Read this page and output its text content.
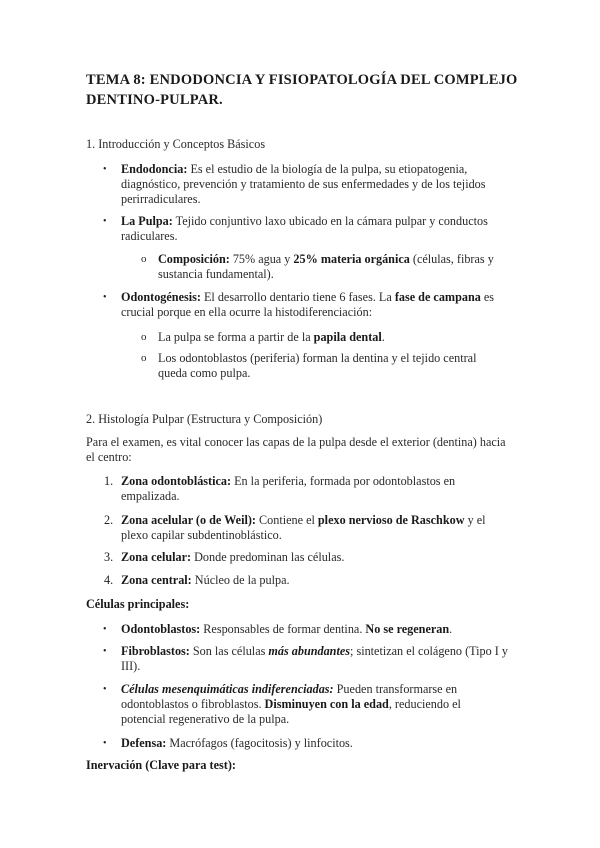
TEMA 8: ENDODONCIA Y FISIOPATOLOGÍA DEL COMPLEJO DENTINO-PULPAR.

1. Introducción y Conceptos Básicos

• Endodoncia: Es el estudio de la biología de la pulpa, su etiopatogenia, diagnóstico, prevención y tratamiento de sus enfermedades y de los tejidos perirradiculares.

• La Pulpa: Tejido conjuntivo laxo ubicado en la cámara pulpar y conductos radiculares.

o Composición: 75% agua y 25% materia orgánica (células, fibras y sustancia fundamental).

• Odontogénesis: El desarrollo dentario tiene 6 fases. La fase de campana es crucial porque en ella ocurre la histodiferenciación:

o La pulpa se forma a partir de la papila dental.

o Los odontoblastos (periferia) forman la dentina y el tejido central queda como pulpa.

2. Histología Pulpar (Estructura y Composición)

Para el examen, es vital conocer las capas de la pulpa desde el exterior (dentina) hacia el centro:

1. Zona odontoblástica: En la periferia, formada por odontoblastos en empalizada.

2. Zona acelular (o de Weil): Contiene el plexo nervioso de Raschkow y el plexo capilar subdentinoblástico.

3. Zona celular: Donde predominan las células.

4. Zona central: Núcleo de la pulpa.

Células principales:

• Odontoblastos: Responsables de formar dentina. No se regeneran.

• Fibroblastos: Son las células más abundantes; sintetizan el colágeno (Tipo I y III).

• Células mesenquimáticas indiferenciadas: Pueden transformarse en odontoblastos o fibroblastos. Disminuyen con la edad, reduciendo el potencial regenerativo de la pulpa.

• Defensa: Macrófagos (fagocitosis) y linfocitos.

Inervación (Clave para test):
